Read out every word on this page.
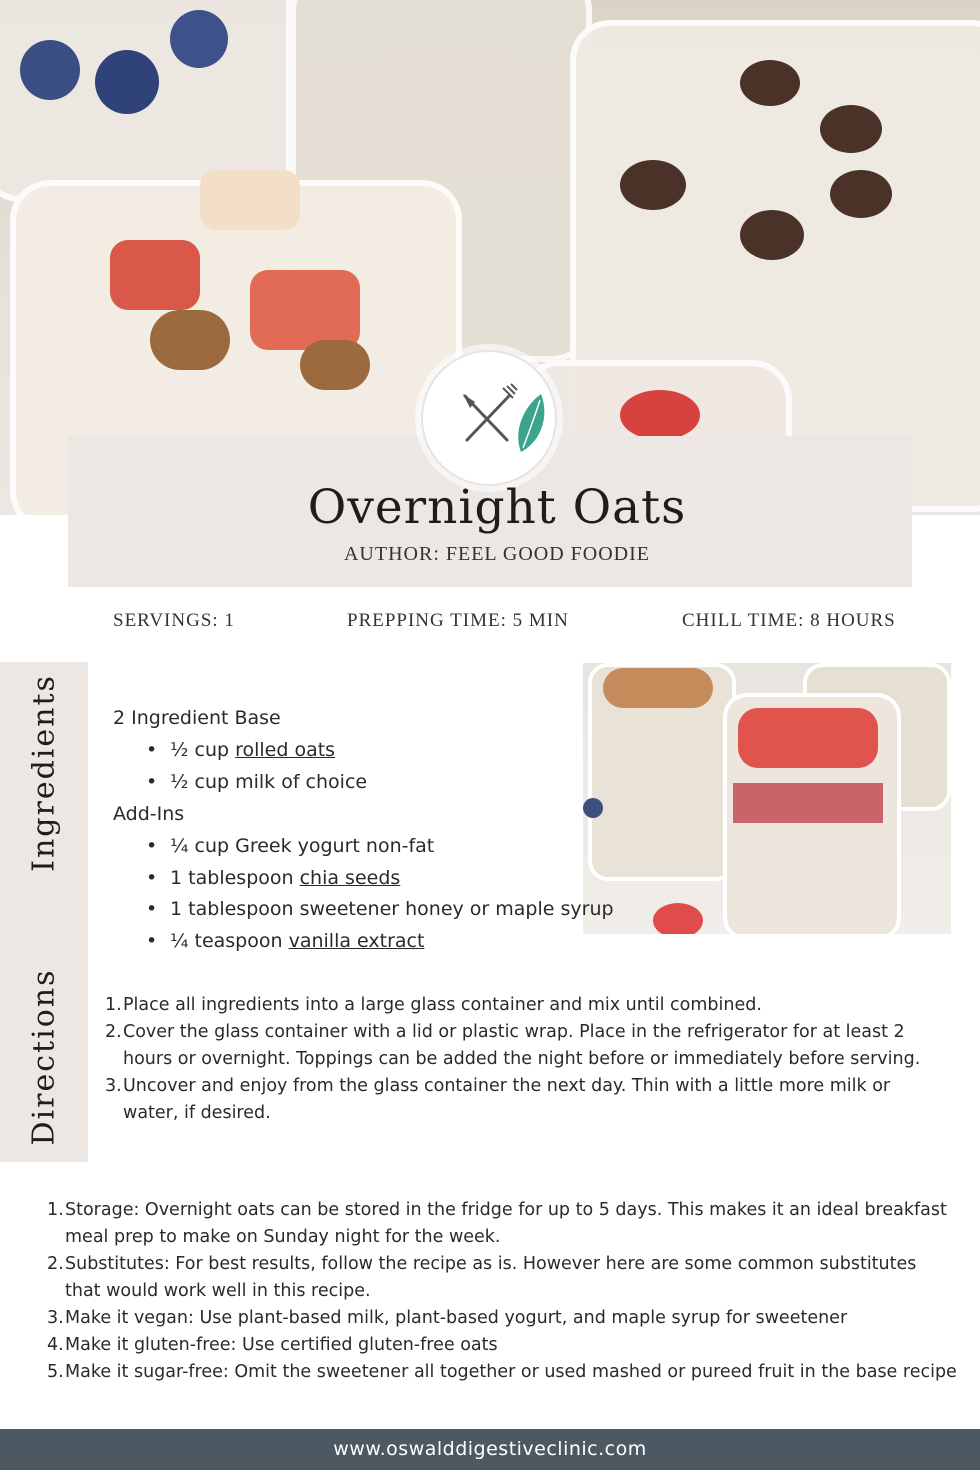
Overnight Oats
AUTHOR: FEEL GOOD FOODIE
SERVINGS: 1	PREPPING TIME: 5 MIN	CHILL TIME: 8 HOURS
Ingredients
Directions
2 Ingredient Base
• ½ cup rolled oats
• ½ cup milk of choice
Add-Ins
• ¼ cup Greek yogurt non-fat
• 1 tablespoon chia seeds
• 1 tablespoon sweetener honey or maple syrup
• ¼ teaspoon vanilla extract
1. Place all ingredients into a large glass container and mix until combined.
2. Cover the glass container with a lid or plastic wrap. Place in the refrigerator for at least 2 hours or overnight. Toppings can be added the night before or immediately before serving.
3. Uncover and enjoy from the glass container the next day. Thin with a little more milk or water, if desired.
1. Storage: Overnight oats can be stored in the fridge for up to 5 days. This makes it an ideal breakfast meal prep to make on Sunday night for the week.
2. Substitutes: For best results, follow the recipe as is. However here are some common substitutes that would work well in this recipe.
3. Make it vegan: Use plant-based milk, plant-based yogurt, and maple syrup for sweetener
4. Make it gluten-free: Use certified gluten-free oats
5. Make it sugar-free: Omit the sweetener all together or used mashed or pureed fruit in the base recipe
www.oswalddigestiveclinic.com
